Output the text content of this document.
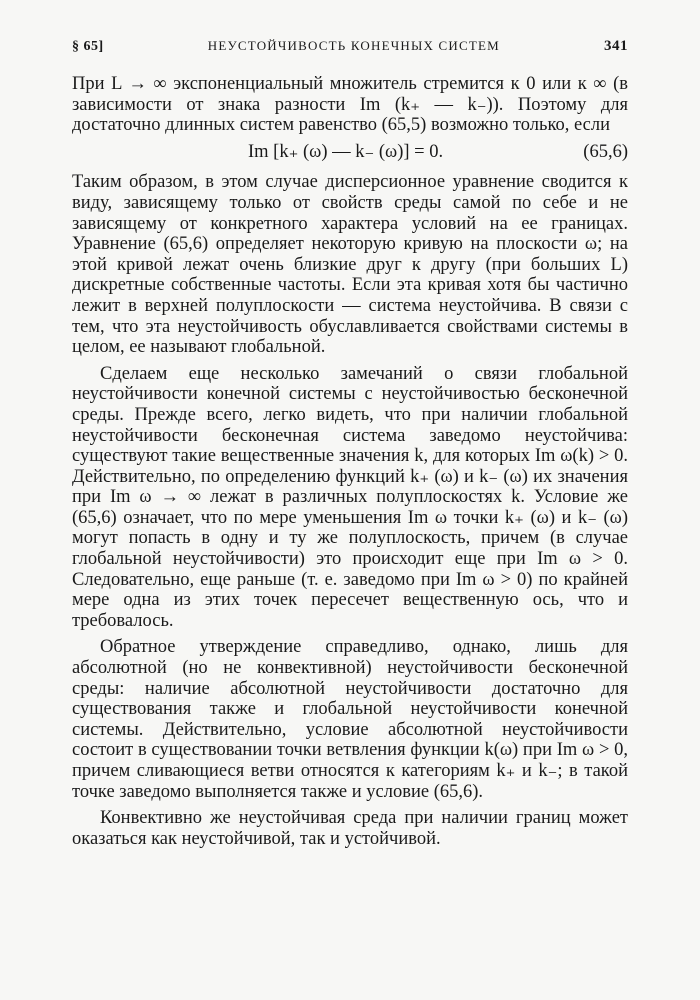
§ 65]	НЕУСТОЙЧИВОСТЬ КОНЕЧНЫХ СИСТЕМ	341

При L → ∞ экспоненциальный множитель стремится к 0 или к ∞ (в зависимости от знака разности Im (k₊ — k₋)). Поэтому для достаточно длинных систем равенство (65,5) возможно только, если

Im [k₊ (ω) — k₋ (ω)] = 0.	(65,6)

Таким образом, в этом случае дисперсионное уравнение сводится к виду, зависящему только от свойств среды самой по себе и не зависящему от конкретного характера условий на ее границах. Уравнение (65,6) определяет некоторую кривую на плоскости ω; на этой кривой лежат очень близкие друг к другу (при больших L) дискретные собственные частоты. Если эта кривая хотя бы частично лежит в верхней полуплоскости — система неустойчива. В связи с тем, что эта неустойчивость обуславливается свойствами системы в целом, ее называют глобальной.

Сделаем еще несколько замечаний о связи глобальной неустойчивости конечной системы с неустойчивостью бесконечной среды. Прежде всего, легко видеть, что при наличии глобальной неустойчивости бесконечная система заведомо неустойчива: существуют такие вещественные значения k, для которых Im ω(k) > 0. Действительно, по определению функций k₊ (ω) и k₋ (ω) их значения при Im ω → ∞ лежат в различных полуплоскостях k. Условие же (65,6) означает, что по мере уменьшения Im ω точки k₊ (ω) и k₋ (ω) могут попасть в одну и ту же полуплоскость, причем (в случае глобальной неустойчивости) это происходит еще при Im ω > 0. Следовательно, еще раньше (т. е. заведомо при Im ω > 0) по крайней мере одна из этих точек пересечет вещественную ось, что и требовалось.

Обратное утверждение справедливо, однако, лишь для абсолютной (но не конвективной) неустойчивости бесконечной среды: наличие абсолютной неустойчивости достаточно для существования также и глобальной неустойчивости конечной системы. Действительно, условие абсолютной неустойчивости состоит в существовании точки ветвления функции k(ω) при Im ω > 0, причем сливающиеся ветви относятся к категориям k₊ и k₋; в такой точке заведомо выполняется также и условие (65,6).

Конвективно же неустойчивая среда при наличии границ может оказаться как неустойчивой, так и устойчивой.
